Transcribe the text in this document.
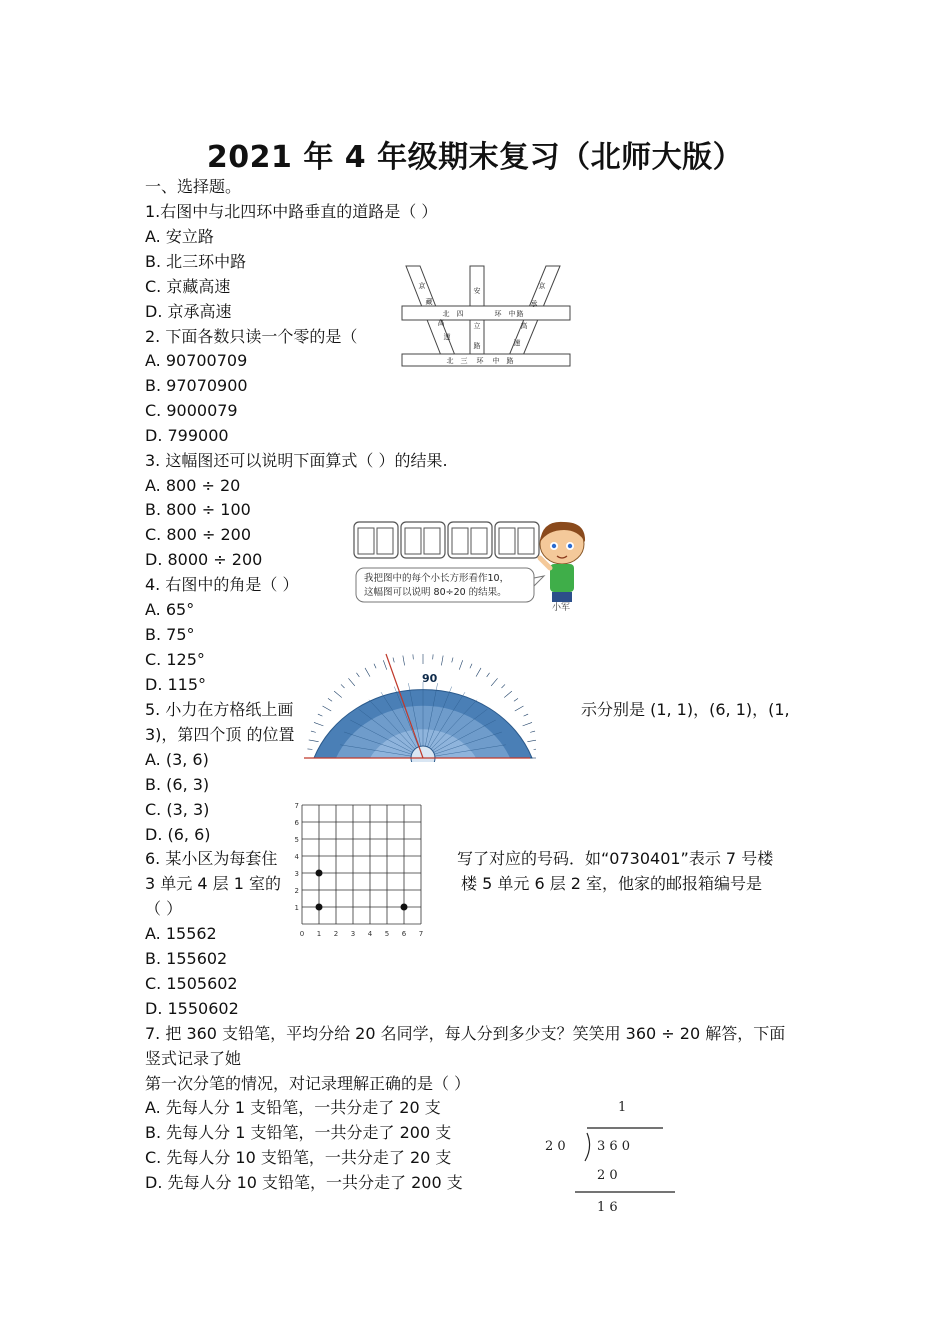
2021 年 4 年级期末复习（北师大版）
一、选择题。
1.右图中与北四环中路垂直的道路是（ ）
A. 安立路
B. 北三环中路
C. 京藏高速
D. 京承高速
京
藏
高
速
安
立
路
京
承
高
速
北 四	环 中 路
北 三 环 中 路
2. 下面各数只读一个零的是（
A. 90700709
B. 97070900
C. 9000079
D. 799000
3. 这幅图还可以说明下面算式（ ）的结果.
A. 800 ÷ 20
B. 800 ÷ 100
C. 800 ÷ 200
D. 8000 ÷ 200
我把图中的每个小长方形看作10，
这幅图可以说明 80÷20 的结果。
小军
4. 右图中的角是（ ）
A. 65°
B. 75°
C. 125°
D. 115°
5. 小力在方格纸上画	示分别是 (1, 1)，(6, 1)，(1,
3)，第四个顶 的位置
90
A. (3, 6)
B. (6, 3)
C. (3, 3)
D. (6, 6)
0 1 2 3 4 5 6 7
1
2
3
4
5
6
7
6. 某小区为每套住	写了对应的号码．如“0730401”表示 7 号楼
3 单元 4 层 1 室的	楼 5 单元 6 层 2 室，他家的邮报箱编号是
（ ）
A. 15562
B. 155602
C. 1505602
D. 1550602
7. 把 360 支铅笔，平均分给 20 名同学，每人分到多少支？笑笑用 360 ÷ 20 解答，下面
竖式记录了她
第一次分笔的情况，对记录理解正确的是（ ）
A. 先每人分 1 支铅笔，一共分走了 20 支
B. 先每人分 1 支铅笔，一共分走了 200 支
C. 先每人分 10 支铅笔，一共分走了 20 支
D. 先每人分 10 支铅笔，一共分走了 200 支
1
2 0 3 6 0
2 0
1 6
